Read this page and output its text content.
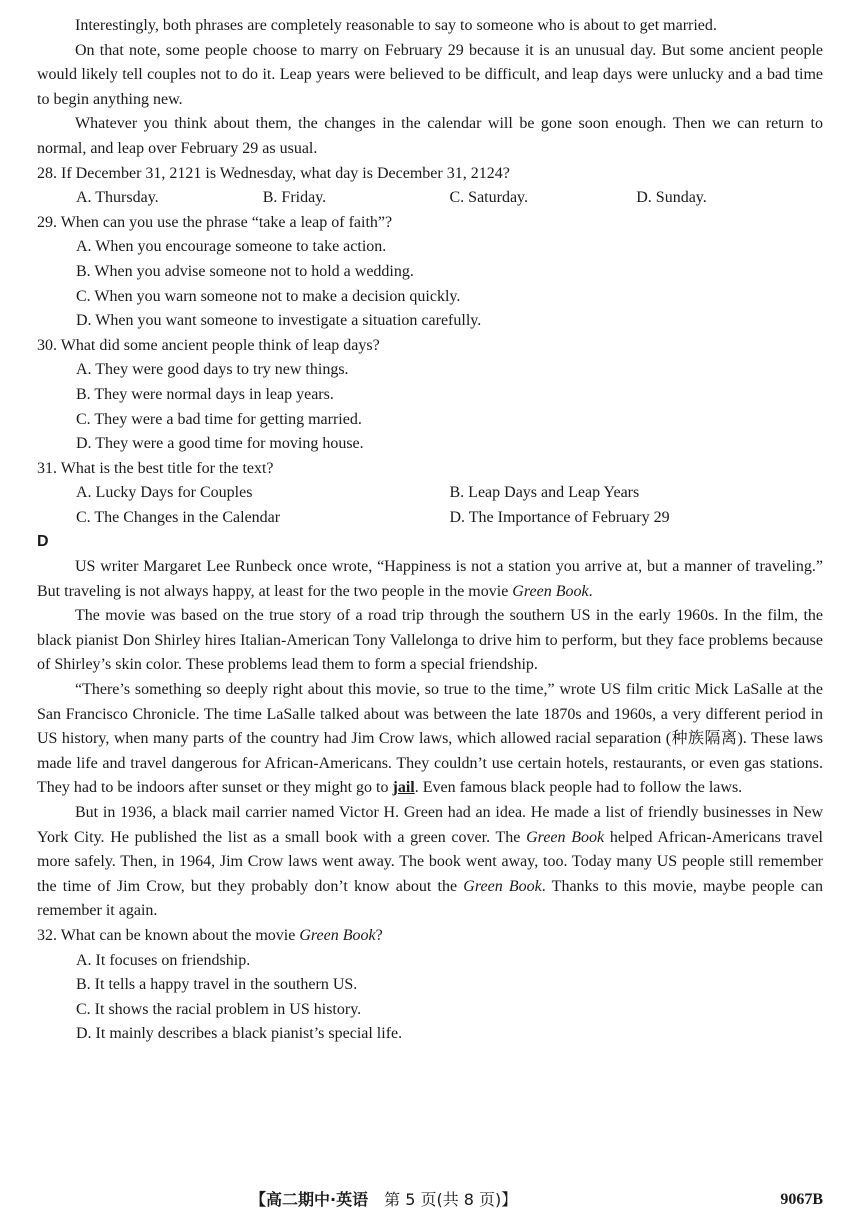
Interestingly, both phrases are completely reasonable to say to someone who is about to get married.

On that note, some people choose to marry on February 29 because it is an unusual day. But some ancient people would likely tell couples not to do it. Leap years were believed to be difficult, and leap days were unlucky and a bad time to begin anything new.

Whatever you think about them, the changes in the calendar will be gone soon enough. Then we can return to normal, and leap over February 29 as usual.

28. If December 31, 2121 is Wednesday, what day is December 31, 2124?

A. Thursday.	B. Friday.	C. Saturday.	D. Sunday.

29. When can you use the phrase “take a leap of faith”?

A. When you encourage someone to take action.

B. When you advise someone not to hold a wedding.

C. When you warn someone not to make a decision quickly.

D. When you want someone to investigate a situation carefully.

30. What did some ancient people think of leap days?

A. They were good days to try new things.

B. They were normal days in leap years.

C. They were a bad time for getting married.

D. They were a good time for moving house.

31. What is the best title for the text?

A. Lucky Days for Couples	B. Leap Days and Leap Years
C. The Changes in the Calendar	D. The Importance of February 29

D

US writer Margaret Lee Runbeck once wrote, “Happiness is not a station you arrive at, but a manner of traveling.” But traveling is not always happy, at least for the two people in the movie Green Book.

The movie was based on the true story of a road trip through the southern US in the early 1960s. In the film, the black pianist Don Shirley hires Italian-American Tony Vallelonga to drive him to perform, but they face problems because of Shirley’s skin color. These problems lead them to form a special friendship.

“There’s something so deeply right about this movie, so true to the time,” wrote US film critic Mick LaSalle at the San Francisco Chronicle. The time LaSalle talked about was between the late 1870s and 1960s, a very different period in US history, when many parts of the country had Jim Crow laws, which allowed racial separation (种族隔离). These laws made life and travel dangerous for African-Americans. They couldn’t use certain hotels, restaurants, or even gas stations. They had to be indoors after sunset or they might go to jail. Even famous black people had to follow the laws.

But in 1936, a black mail carrier named Victor H. Green had an idea. He made a list of friendly businesses in New York City. He published the list as a small book with a green cover. The Green Book helped African-Americans travel more safely. Then, in 1964, Jim Crow laws went away. The book went away, too. Today many US people still remember the time of Jim Crow, but they probably don’t know about the Green Book. Thanks to this movie, maybe people can remember it again.

32. What can be known about the movie Green Book?

A. It focuses on friendship.

B. It tells a happy travel in the southern US.

C. It shows the racial problem in US history.

D. It mainly describes a black pianist’s special life.

【高二期中·英语　第 5 页(共 8 页)】	9067B
